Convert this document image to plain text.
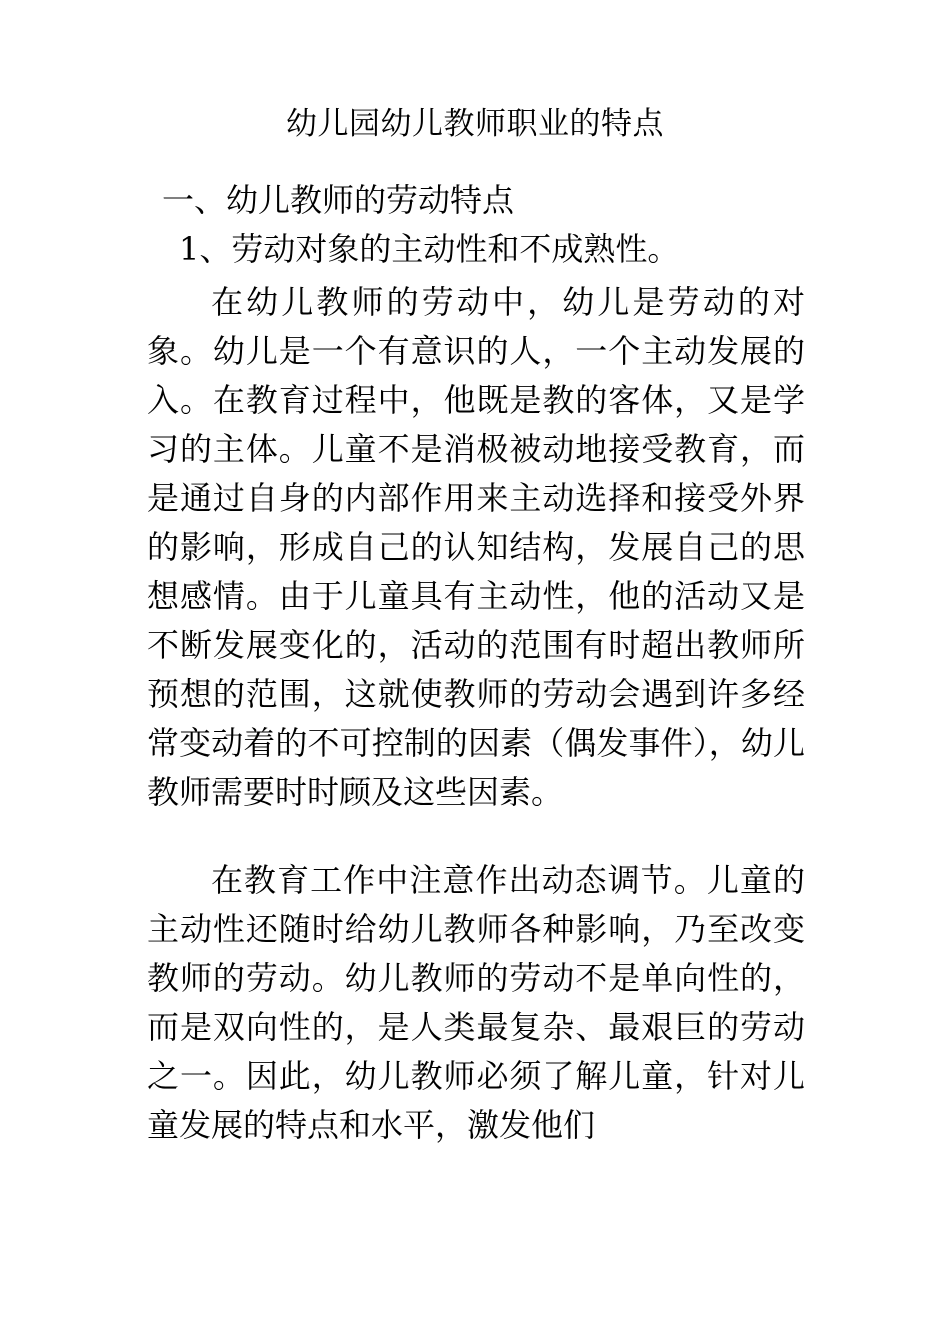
幼儿园幼儿教师职业的特点
一、幼儿教师的劳动特点
1、劳动对象的主动性和不成熟性。

在幼儿教师的劳动中，幼儿是劳动的对象。幼儿是一个有意识的人，一个主动发展的入。在教育过程中，他既是教的客体，又是学习的主体。儿童不是消极被动地接受教育，而是通过自身的内部作用来主动选择和接受外界的影响，形成自己的认知结构，发展自己的思想感情。由于儿童具有主动性，他的活动又是不断发展变化的，活动的范围有时超出教师所预想的范围，这就使教师的劳动会遇到许多经常变动着的不可控制的因素（偶发事件），幼儿教师需要时时顾及这些因素。

在教育工作中注意作出动态调节。儿童的主动性还随时给幼儿教师各种影响，乃至改变教师的劳动。幼儿教师的劳动不是单向性的，而是双向性的，是人类最复杂、最艰巨的劳动之一。因此，幼儿教师必须了解儿童，针对儿童发展的特点和水平，激发他们
